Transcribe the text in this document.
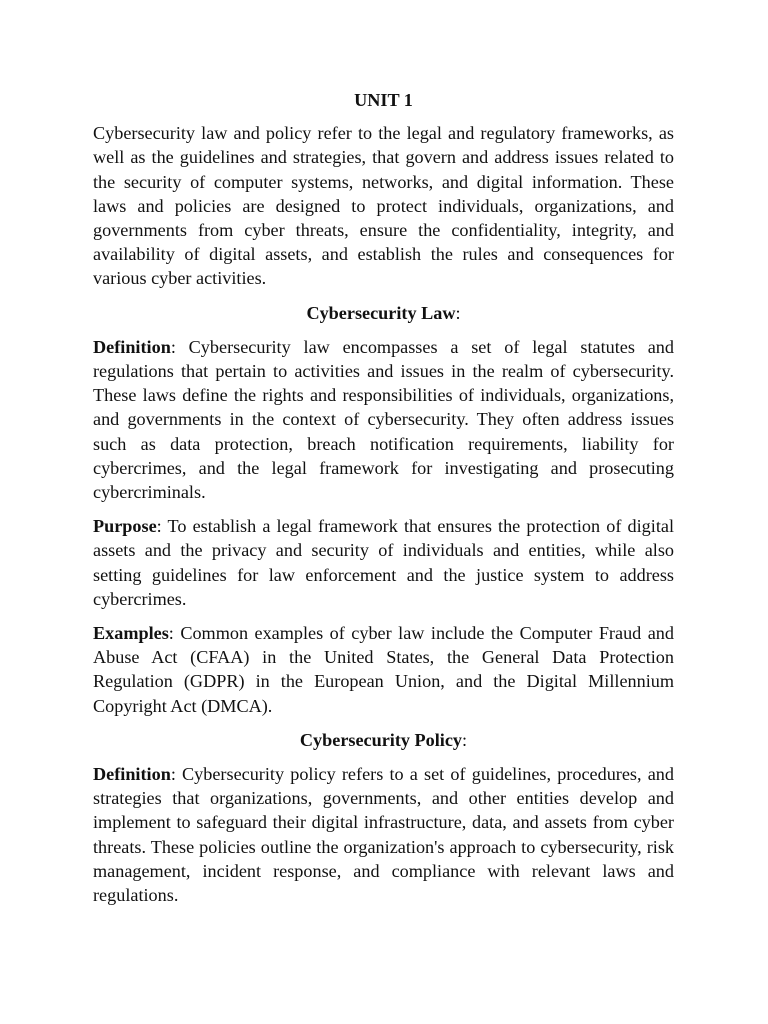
UNIT 1

Cybersecurity law and policy refer to the legal and regulatory frameworks, as well as the guidelines and strategies, that govern and address issues related to the security of computer systems, networks, and digital information. These laws and policies are designed to protect individuals, organizations, and governments from cyber threats, ensure the confidentiality, integrity, and availability of digital assets, and establish the rules and consequences for various cyber activities.

Cybersecurity Law:

Definition: Cybersecurity law encompasses a set of legal statutes and regulations that pertain to activities and issues in the realm of cybersecurity. These laws define the rights and responsibilities of individuals, organizations, and governments in the context of cybersecurity. They often address issues such as data protection, breach notification requirements, liability for cybercrimes, and the legal framework for investigating and prosecuting cybercriminals.

Purpose: To establish a legal framework that ensures the protection of digital assets and the privacy and security of individuals and entities, while also setting guidelines for law enforcement and the justice system to address cybercrimes.

Examples: Common examples of cyber law include the Computer Fraud and Abuse Act (CFAA) in the United States, the General Data Protection Regulation (GDPR) in the European Union, and the Digital Millennium Copyright Act (DMCA).

Cybersecurity Policy:

Definition: Cybersecurity policy refers to a set of guidelines, procedures, and strategies that organizations, governments, and other entities develop and implement to safeguard their digital infrastructure, data, and assets from cyber threats. These policies outline the organization's approach to cybersecurity, risk management, incident response, and compliance with relevant laws and regulations.
